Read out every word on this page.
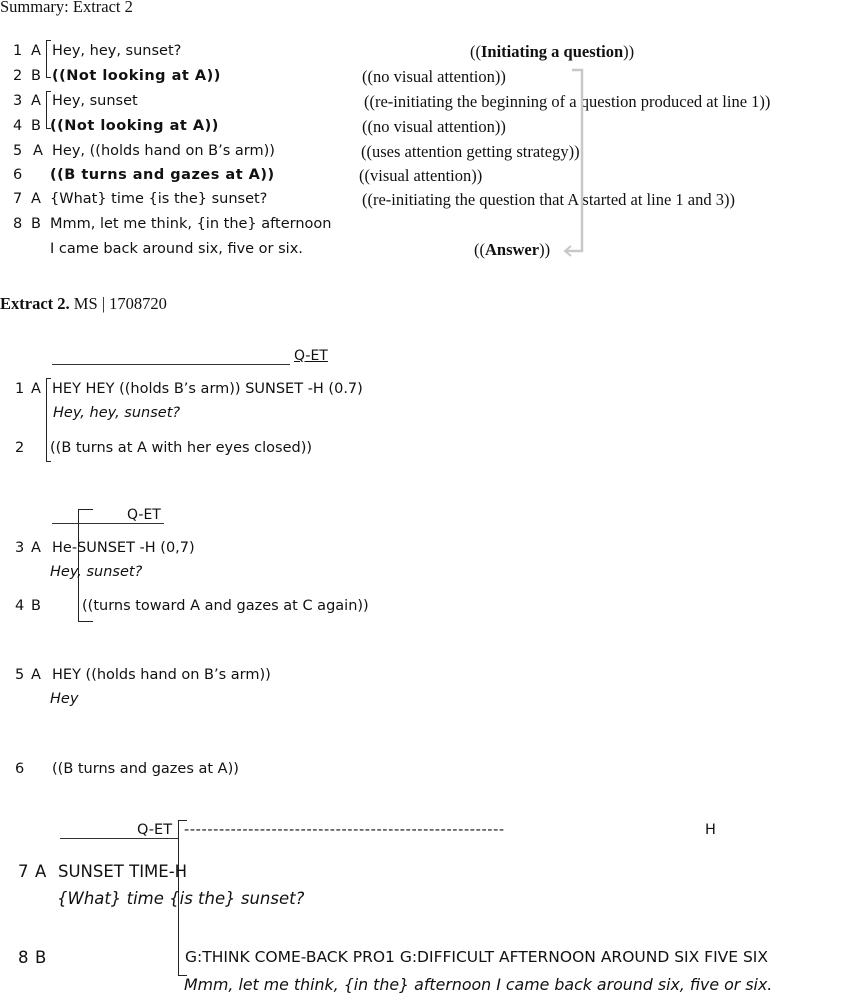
Summary: Extract 2
1 A Hey, hey, sunset?	((Initiating a question))
2 B ((Not looking at A))	((no visual attention))
3 A Hey, sunset	((re-initiating the beginning of a question produced at line 1))
4 B ((Not looking at A))	((no visual attention))
5 A Hey, ((holds hand on B’s arm))	((uses attention getting strategy))
6 ((B turns and gazes at A))	((visual attention))
7 A {What} time {is the} sunset?	((re-initiating the question that A started at line 1 and 3))
8 B Mmm, let me think, {in the} afternoon
I came back around six, five or six.	((Answer))
Extract 2. MS | 1708720
Q-ET
1 A HEY HEY ((holds B’s arm)) SUNSET -H (0.7)
Hey, hey, sunset?
2 ((B turns at A with her eyes closed))
Q-ET
3 A He-SUNSET -H (0,7)
Hey, sunset?
4 B	((turns toward A and gazes at C again))
5 A HEY ((holds hand on B’s arm))
Hey
6 ((B turns and gazes at A))
Q-ET -------------------------------------------------------	H
7 A SUNSET TIME-H
{What} time {is the} sunset?
8 B	G:THINK COME-BACK PRO1 G:DIFFICULT AFTERNOON AROUND SIX FIVE SIX
Mmm, let me think, {in the} afternoon I came back around six, five or six.
